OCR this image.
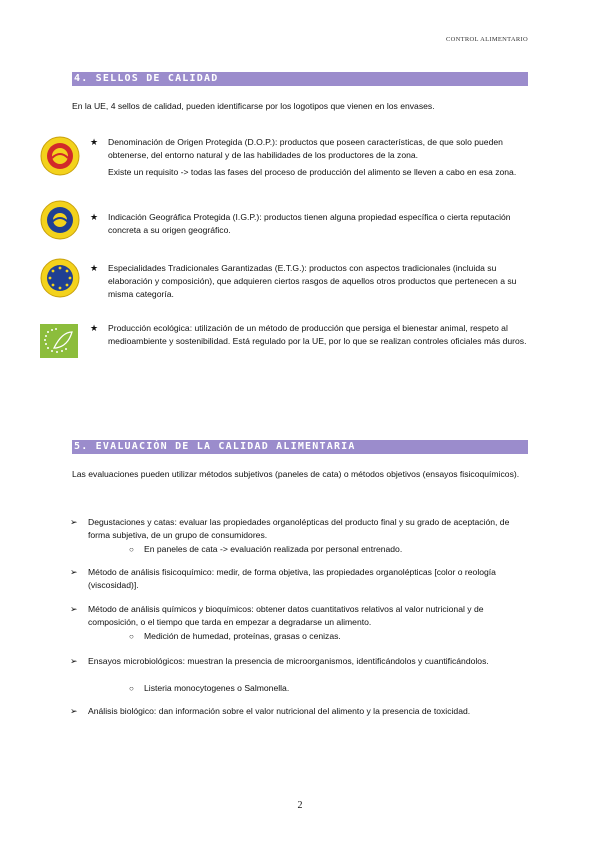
CONTROL ALIMENTARIO
4. SELLOS DE CALIDAD
En la UE, 4 sellos de calidad, pueden identificarse por los logotipos que vienen en los envases.
★ Denominación de Origen Protegida (D.O.P.): productos que poseen características, de que solo pueden obtenerse, del entorno natural y de las habilidades de los productores de la zona.

Existe un requisito -> todas las fases del proceso de producción del alimento se lleven a cabo en esa zona.

★ Indicación Geográfica Protegida (I.G.P.): productos tienen alguna propiedad específica o cierta reputación concreta a su origen geográfico.

★ Especialidades Tradicionales Garantizadas (E.T.G.): productos con aspectos tradicionales (incluida su elaboración y composición), que adquieren ciertos rasgos de aquellos otros productos que pertenecen a su misma categoría.

★ Producción ecológica: utilización de un método de producción que persiga el bienestar animal, respeto al medioambiente y sostenibilidad. Está regulado por la UE, por lo que se realizan controles oficiales más duros.

5. EVALUACIÓN DE LA CALIDAD ALIMENTARIA
Las evaluaciones pueden utilizar métodos subjetivos (paneles de cata) o métodos objetivos (ensayos fisicoquímicos).
➢ Degustaciones y catas: evaluar las propiedades organolépticas del producto final y su grado de aceptación, de forma subjetiva, de un grupo de consumidores.
○ En paneles de cata -> evaluación realizada por personal entrenado.
➢ Método de análisis fisicoquímico: medir, de forma objetiva, las propiedades organolépticas [color o reología (viscosidad)].
➢ Método de análisis químicos y bioquímicos: obtener datos cuantitativos relativos al valor nutricional y de composición, o el tiempo que tarda en empezar a degradarse un alimento.
○ Medición de humedad, proteínas, grasas o cenizas.
➢ Ensayos microbiológicos: muestran la presencia de microorganismos, identificándolos y cuantificándolos.
○ Listeria monocytogenes o Salmonella.
➢ Análisis biológico: dan información sobre el valor nutricional del alimento y la presencia de toxicidad.
2
